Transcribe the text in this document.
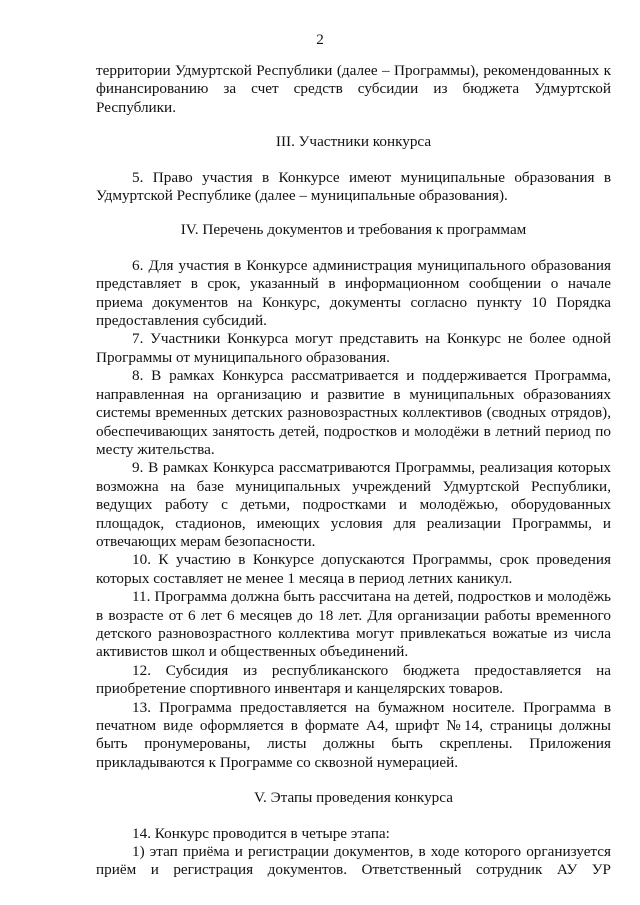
2

территории Удмуртской Республики (далее – Программы), рекомендованных к финансированию за счет средств субсидии из бюджета Удмуртской Республики.

III. Участники конкурса

5. Право участия в Конкурсе имеют муниципальные образования в Удмуртской Республике (далее – муниципальные образования).

IV. Перечень документов и требования к программам

6. Для участия в Конкурсе администрация муниципального образования представляет в срок, указанный в информационном сообщении о начале приема документов на Конкурс, документы согласно пункту 10 Порядка предоставления субсидий.

7. Участники Конкурса могут представить на Конкурс не более одной Программы от муниципального образования.

8. В рамках Конкурса рассматривается и поддерживается Программа, направленная на организацию и развитие в муниципальных образованиях системы временных детских разновозрастных коллективов (сводных отрядов), обеспечивающих занятость детей, подростков и молодёжи в летний период по месту жительства.

9. В рамках Конкурса рассматриваются Программы, реализация которых возможна на базе муниципальных учреждений Удмуртской Республики, ведущих работу с детьми, подростками и молодёжью, оборудованных площадок, стадионов, имеющих условия для реализации Программы, и отвечающих мерам безопасности.

10. К участию в Конкурсе допускаются Программы, срок проведения которых составляет не менее 1 месяца в период летних каникул.

11. Программа должна быть рассчитана на детей, подростков и молодёжь в возрасте от 6 лет 6 месяцев до 18 лет. Для организации работы временного детского разновозрастного коллектива могут привлекаться вожатые из числа активистов школ и общественных объединений.

12. Субсидия из республиканского бюджета предоставляется на приобретение спортивного инвентаря и канцелярских товаров.

13. Программа предоставляется на бумажном носителе. Программа в печатном виде оформляется в формате А4, шрифт №14, страницы должны быть пронумерованы, листы должны быть скреплены. Приложения прикладываются к Программе со сквозной нумерацией.

V. Этапы проведения конкурса

14. Конкурс проводится в четыре этапа:

1) этап приёма и регистрации документов, в ходе которого организуется приём и регистрация документов. Ответственный сотрудник АУ УР
